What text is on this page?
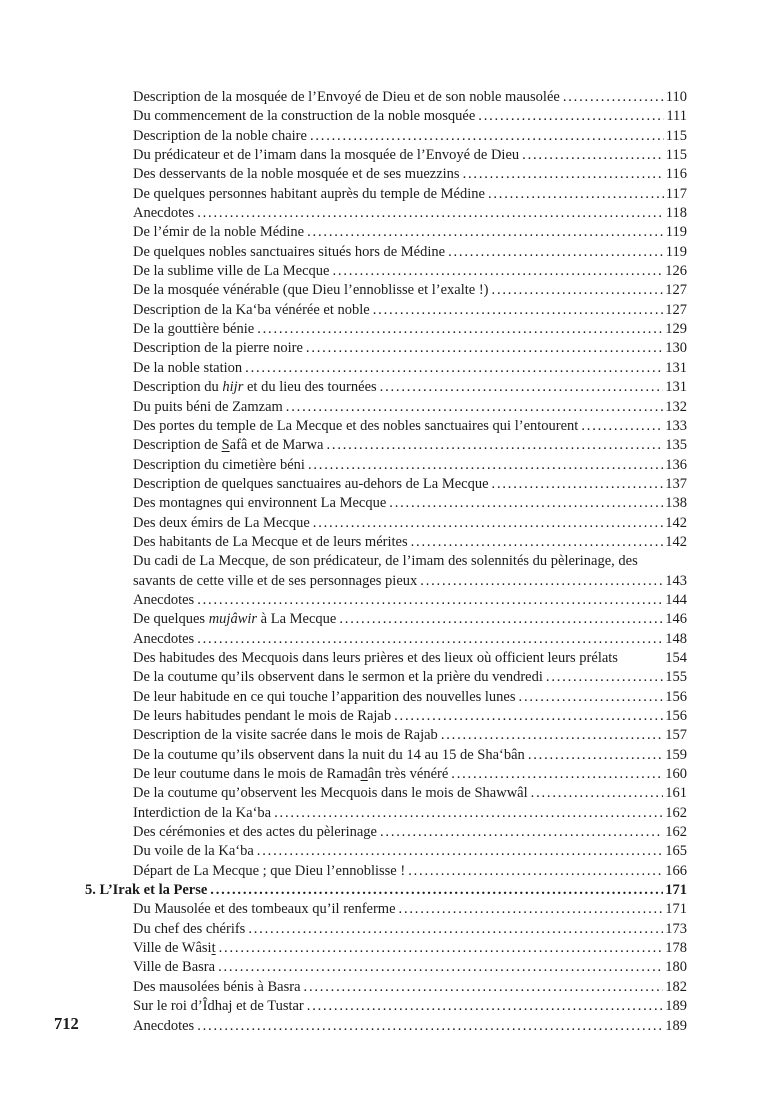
Description de la mosquée de l’Envoyé de Dieu et de son noble mausolée .....	110
Du commencement de la construction de la noble mosquée .....	111
Description de la noble chaire .....	115
Du prédicateur et de l’imam dans la mosquée de l’Envoyé de Dieu .....	115
Des desservants de la noble mosquée et de ses muezzins .....	116
De quelques personnes habitant auprès du temple de Médine .....	117
Anecdotes .....	118
De l’émir de la noble Médine .....	119
De quelques nobles sanctuaires situés hors de Médine .....	119
De la sublime ville de La Mecque .....	126
De la mosquée vénérable (que Dieu l’ennoblisse et l’exalte !) .....	127
Description de la Kaʻba vénérée et noble .....	127
De la gouttière bénie .....	129
Description de la pierre noire .....	130
De la noble station .....	131
Description du hijr et du lieu des tournées .....	131
Du puits béni de Zamzam .....	132
Des portes du temple de La Mecque et des nobles sanctuaires qui l’entourent .....	133
Description de Safâ et de Marwa .....	135
Description du cimetière béni .....	136
Description de quelques sanctuaires au-dehors de La Mecque .....	137
Des montagnes qui environnent La Mecque .....	138
Des deux émirs de La Mecque .....	142
Des habitants de La Mecque et de leurs mérites .....	142
Du cadi de La Mecque, de son prédicateur, de l’imam des solennités du pèlerinage, des
savants de cette ville et de ses personnages pieux .....	143
Anecdotes .....	144
De quelques mujâwir à La Mecque .....	146
Anecdotes .....	148
Des habitudes des Mecquois dans leurs prières et des lieux où officient leurs prélats	154
De la coutume qu’ils observent dans le sermon et la prière du vendredi .....	155
De leur habitude en ce qui touche l’apparition des nouvelles lunes .....	156
De leurs habitudes pendant le mois de Rajab .....	156
Description de la visite sacrée dans le mois de Rajab .....	157
De la coutume qu’ils observent dans la nuit du 14 au 15 de Shaʻbân .....	159
De leur coutume dans le mois de Ramadân très vénéré .....	160
De la coutume qu’observent les Mecquois dans le mois de Shawwâl .....	161
Interdiction de la Kaʻba .....	162
Des cérémonies et des actes du pèlerinage .....	162
Du voile de la Kaʻba .....	165
Départ de La Mecque ; que Dieu l’ennoblisse ! .....	166
5. L’Irak et la Perse .....	171
Du Mausolée et des tombeaux qu’il renferme .....	171
Du chef des chérifs .....	173
Ville de Wâsit .....	178
Ville de Basra .....	180
Des mausolées bénis à Basra .....	182
Sur le roi d’Îdhaj et de Tustar .....	189
Anecdotes .....	189
712
